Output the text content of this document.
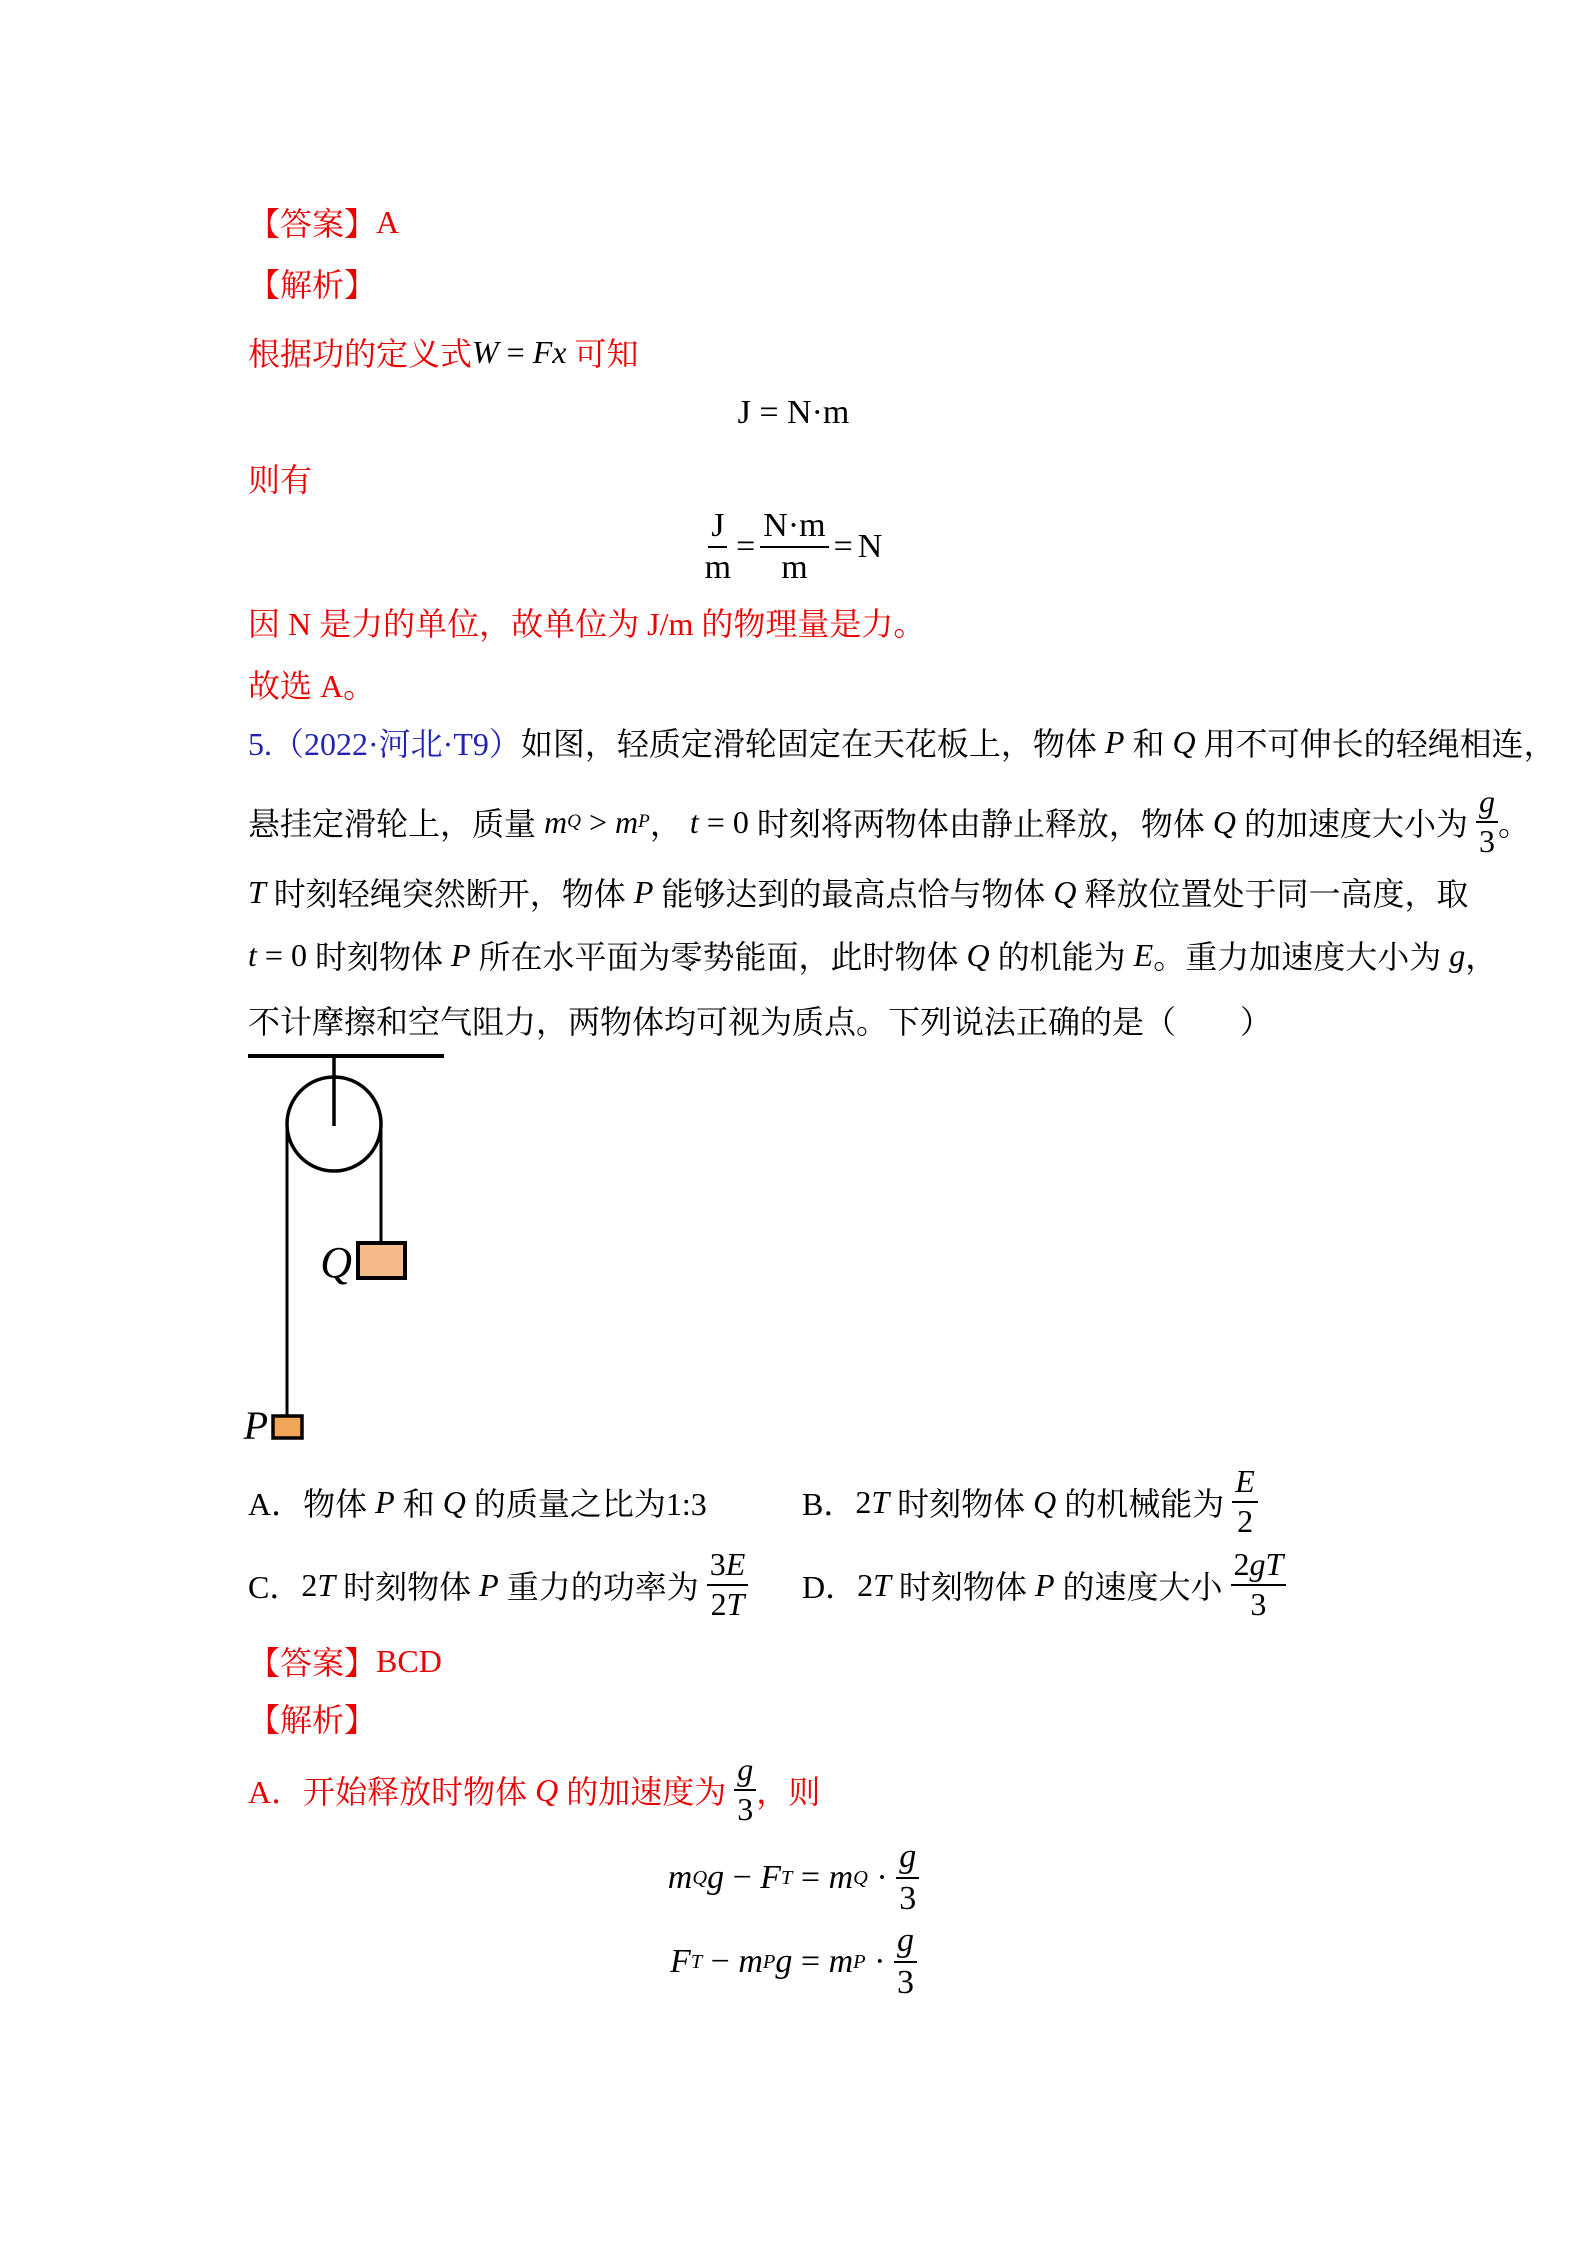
【答案】 A
【解析】
根据功的定义式 W = Fx 可知
J = N·m
则有
$\frac{J}{m} = \frac{N\cdot m}{m} = N$
因 N 是力的单位，故单位为 J/m 的物理量是力。
故选 A。
5.（2022·河北·T9） 如图，轻质定滑轮固定在天花板上，物体 P 和 Q 用不可伸长的轻绳相连，
悬挂定滑轮上，质量 m Q > m P ， t = 0 时刻将两物体由静止释放，物体 Q 的加速度大小为 $\frac{g}{3}$ 。
T 时刻轻绳突然断开，物体 P 能够达到的最高点恰与物体 Q 释放位置处于同一高度，取
t = 0 时刻物体 P 所在水平面为零势能面，此时物体 Q 的机能为 E 。重力加速度大小为 g ，
不计摩擦和空气阻力，两物体均可视为质点。下列说法正确的是（　　）
Q
P
A． 物体 P 和 Q 的质量之比为1:3	B． 2 T 时刻物体 Q 的机械能为 $\frac{E}{2}$
C． 2 T 时刻物体 P 重力的功率为 $\frac{3E}{2T}$ D． 2 T 时刻物体 P 的速度大小 $\frac{2gT}{3}$
【答案】 BCD
【解析】
A． 开始释放时物体 Q 的加速度为 $\frac{g}{3}$ ，则
m Q g − F T = m $Q \cdot \frac{g}{3}$
F T − m P g = m $P \cdot \frac{g}{3}$
